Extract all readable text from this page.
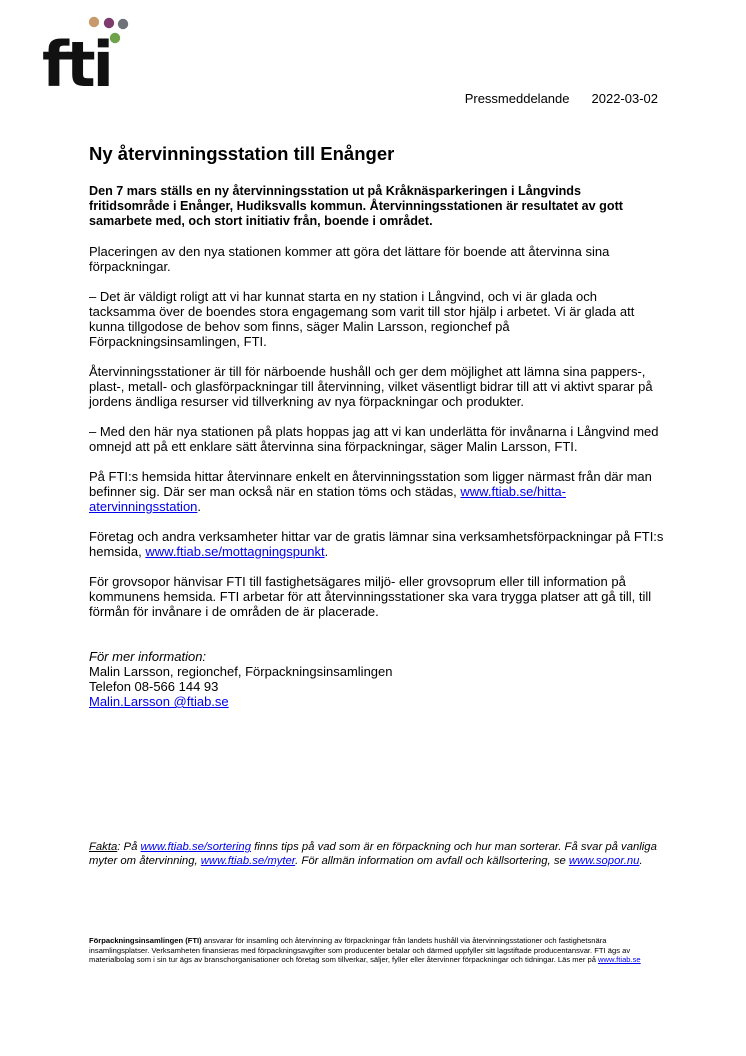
fti	Pressmeddelande 2022-03-02
Ny återvinningsstation till Enånger

Den 7 mars ställs en ny återvinningsstation ut på Kråknäsparkeringen i Långvinds fritidsområde i Enånger, Hudiksvalls kommun. Återvinningsstationen är resultatet av gott samarbete med, och stort initiativ från, boende i området.

Placeringen av den nya stationen kommer att göra det lättare för boende att återvinna sina förpackningar.

– Det är väldigt roligt att vi har kunnat starta en ny station i Långvind, och vi är glada och tacksamma över de boendes stora engagemang som varit till stor hjälp i arbetet. Vi är glada att kunna tillgodose de behov som finns, säger Malin Larsson, regionchef på Förpackningsinsamlingen, FTI.

Återvinningsstationer är till för närboende hushåll och ger dem möjlighet att lämna sina pappers-, plast-, metall- och glasförpackningar till återvinning, vilket väsentligt bidrar till att vi aktivt sparar på jordens ändliga resurser vid tillverkning av nya förpackningar och produkter.

– Med den här nya stationen på plats hoppas jag att vi kan underlätta för invånarna i Långvind med omnejd att på ett enklare sätt återvinna sina förpackningar, säger Malin Larsson, FTI.

På FTI:s hemsida hittar återvinnare enkelt en återvinningsstation som ligger närmast från där man befinner sig. Där ser man också när en station töms och städas, www.ftiab.se/hitta-atervinningsstation.

Företag och andra verksamheter hittar var de gratis lämnar sina verksamhetsförpackningar på FTI:s hemsida, www.ftiab.se/mottagningspunkt.

För grovsopor hänvisar FTI till fastighetsägares miljö- eller grovsoprum eller till information på kommunens hemsida. FTI arbetar för att återvinningsstationer ska vara trygga platser att gå till, till förmån för invånare i de områden de är placerade.

För mer information:
Malin Larsson, regionchef, Förpackningsinsamlingen
Telefon 08-566 144 93
Malin.Larsson @ftiab.se
Fakta: På www.ftiab.se/sortering finns tips på vad som är en förpackning och hur man sorterar. Få svar på vanliga myter om återvinning, www.ftiab.se/myter. För allmän information om avfall och källsortering, se www.sopor.nu.
Förpackningsinsamlingen (FTI) ansvarar för insamling och återvinning av förpackningar från landets hushåll via återvinningsstationer och fastighetsnära insamlingsplatser. Verksamheten finansieras med förpackningsavgifter som producenter betalar och därmed uppfyller sitt lagstiftade producentansvar. FTI ägs av materialbolag som i sin tur ägs av branschorganisationer och företag som tillverkar, säljer, fyller eller återvinner förpackningar och tidningar. Läs mer på www.ftiab.se
